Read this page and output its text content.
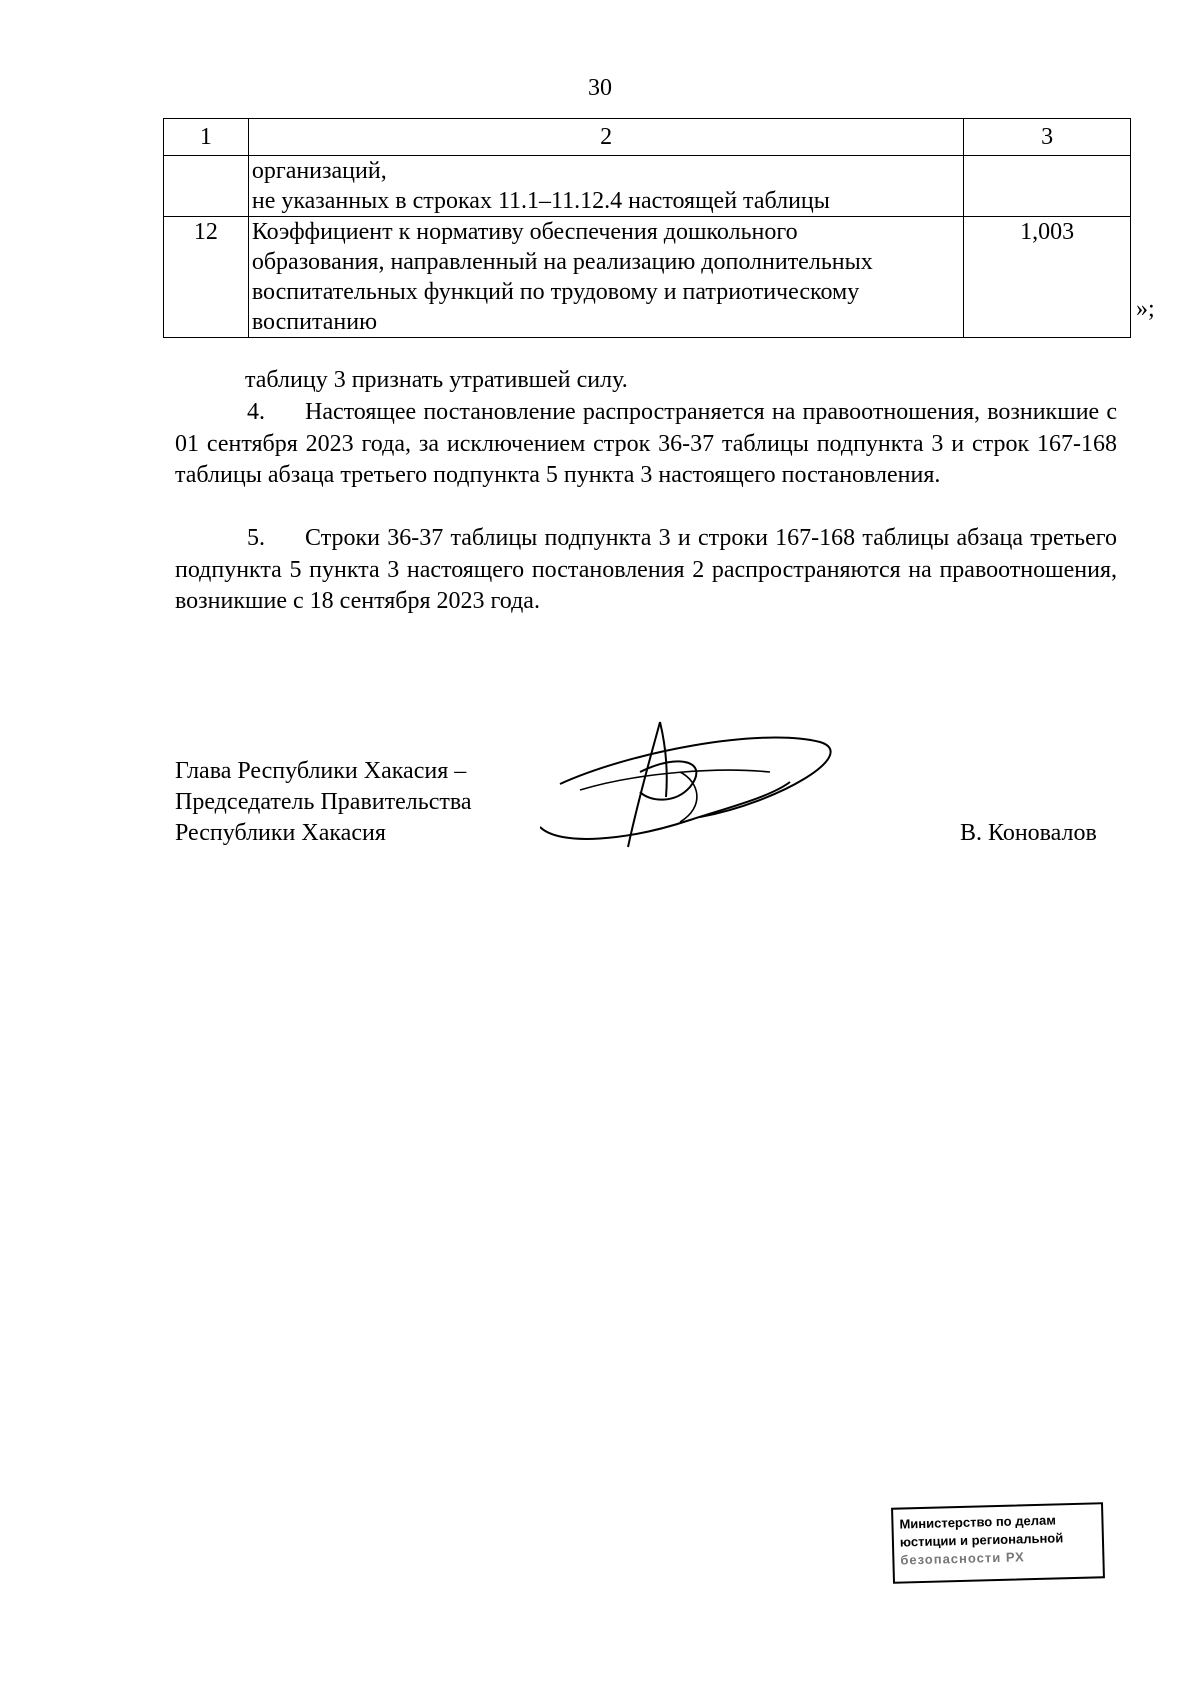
30
1	2	3

	организаций,
не указанных в строках 11.1–11.12.4 настоящей таблицы	

12	Коэффициент к нормативу обеспечения дошкольного
образования, направленный на реализацию дополнительных
воспитательных функций по трудовому и патриотическому
воспитанию	1,003
»;

таблицу 3 признать утратившей силу.

4. Настоящее постановление распространяется на правоотношения, возникшие с 01 сентября 2023 года, за исключением строк 36-37 таблицы подпункта 3 и строк 167-168 таблицы абзаца третьего подпункта 5 пункта 3 настоящего постановления.

5. Строки 36-37 таблицы подпункта 3 и строки 167-168 таблицы абзаца третьего подпункта 5 пункта 3 настоящего постановления 2 распространяются на правоотношения, возникшие с 18 сентября 2023 года.

Глава Республики Хакасия –
Председатель Правительства
Республики Хакасия	В. Коновалов
Министерство по делам
юстиции и региональной
безопасности РХ
